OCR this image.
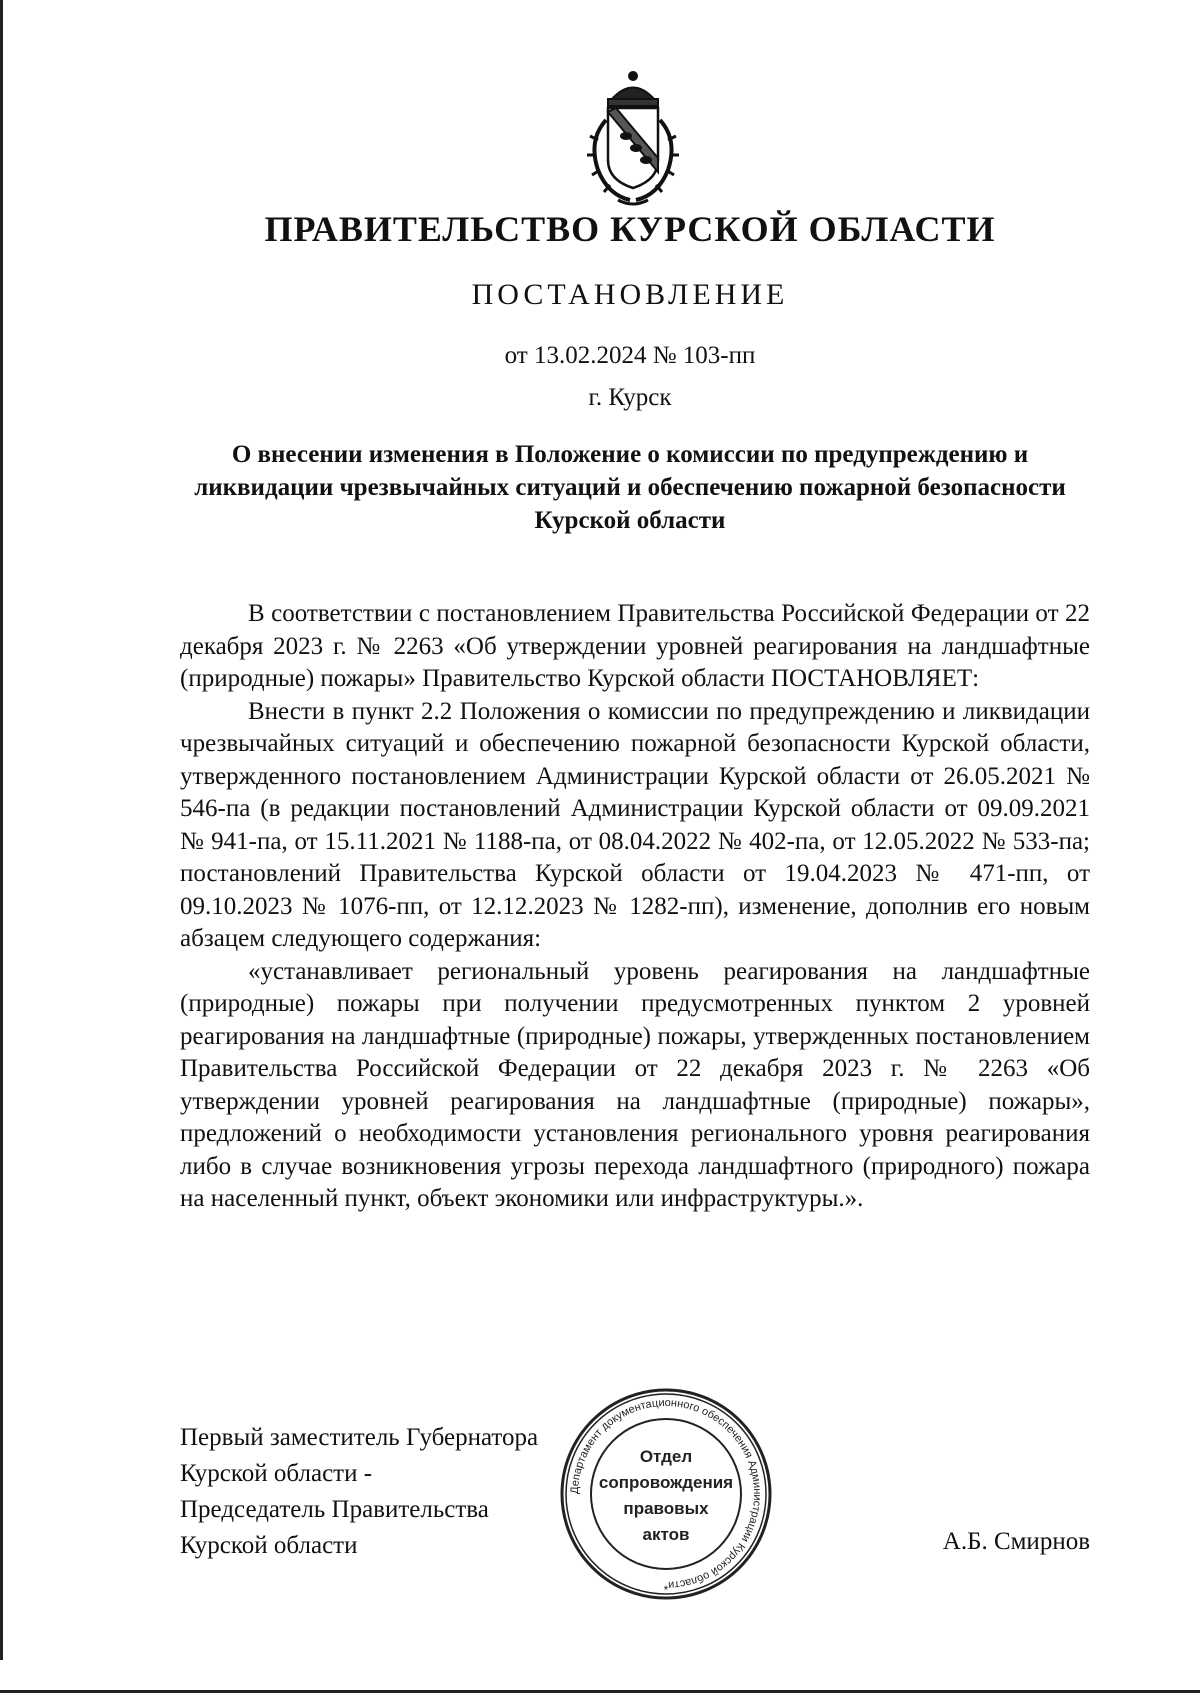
ПРАВИТЕЛЬСТВО КУРСКОЙ ОБЛАСТИ
ПОСТАНОВЛЕНИЕ
от 13.02.2024 № 103-пп
г. Курск
О внесении изменения в Положение о комиссии по предупреждению и ликвидации чрезвычайных ситуаций и обеспечению пожарной безопасности Курской области

В соответствии с постановлением Правительства Российской Федерации от 22 декабря 2023 г. № 2263 «Об утверждении уровней реагирования на ландшафтные (природные) пожары» Правительство Курской области ПОСТАНОВЛЯЕТ:

Внести в пункт 2.2 Положения о комиссии по предупреждению и ликвидации чрезвычайных ситуаций и обеспечению пожарной безопасности Курской области, утвержденного постановлением Администрации Курской области от 26.05.2021 № 546-па (в редакции постановлений Администрации Курской области от 09.09.2021 № 941-па, от 15.11.2021 № 1188-па, от 08.04.2022 № 402-па, от 12.05.2022 № 533-па; постановлений Правительства Курской области от 19.04.2023 № 471-пп, от 09.10.2023 № 1076-пп, от 12.12.2023 № 1282-пп), изменение, дополнив его новым абзацем следующего содержания:

«устанавливает региональный уровень реагирования на ландшафтные (природные) пожары при получении предусмотренных пунктом 2 уровней реагирования на ландшафтные (природные) пожары, утвержденных постановлением Правительства Российской Федерации от 22 декабря 2023 г. № 2263 «Об утверждении уровней реагирования на ландшафтные (природные) пожары», предложений о необходимости установления регионального уровня реагирования либо в случае возникновения угрозы перехода ландшафтного (природного) пожара на населенный пункт, объект экономики или инфраструктуры.».

Первый заместитель Губернатора
Курской области -
Председатель Правительства
Курской области	А.Б. Смирнов
Департамент документационного обеспечения Администрации Курской области
*
Отдел
сопровождения
правовых
актов
